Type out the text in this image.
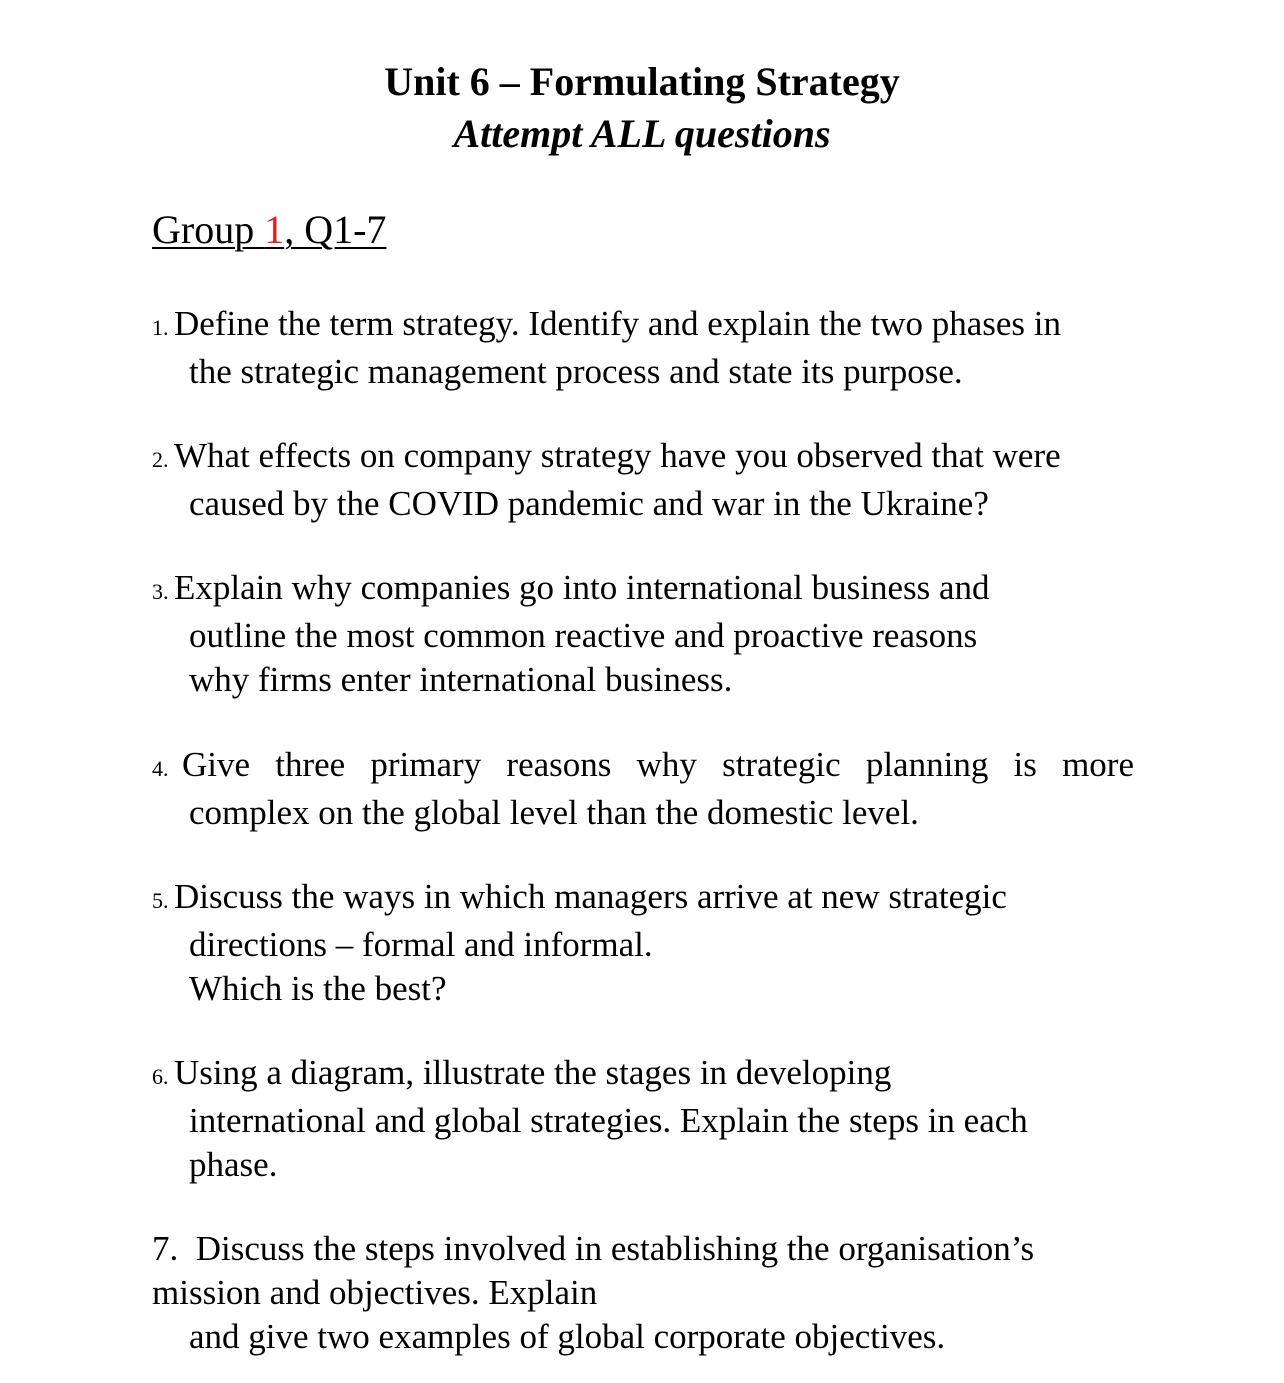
Unit 6 – Formulating Strategy
Attempt ALL questions

Group 1, Q1-7

1. Define the term strategy. Identify and explain the two phases in
the strategic management process and state its purpose.
2. What effects on company strategy have you observed that were
caused by the COVID pandemic and war in the Ukraine?
3. Explain why companies go into international business and
outline the most common reactive and proactive reasons
why firms enter international business.
4. Give three primary reasons why strategic planning is more
complex on the global level than the domestic level.
5. Discuss the ways in which managers arrive at new strategic
directions – formal and informal.
Which is the best?
6. Using a diagram, illustrate the stages in developing
international and global strategies. Explain the steps in each
phase.
7. Discuss the steps involved in establishing the organisation’s
mission and objectives. Explain
and give two examples of global corporate objectives.
